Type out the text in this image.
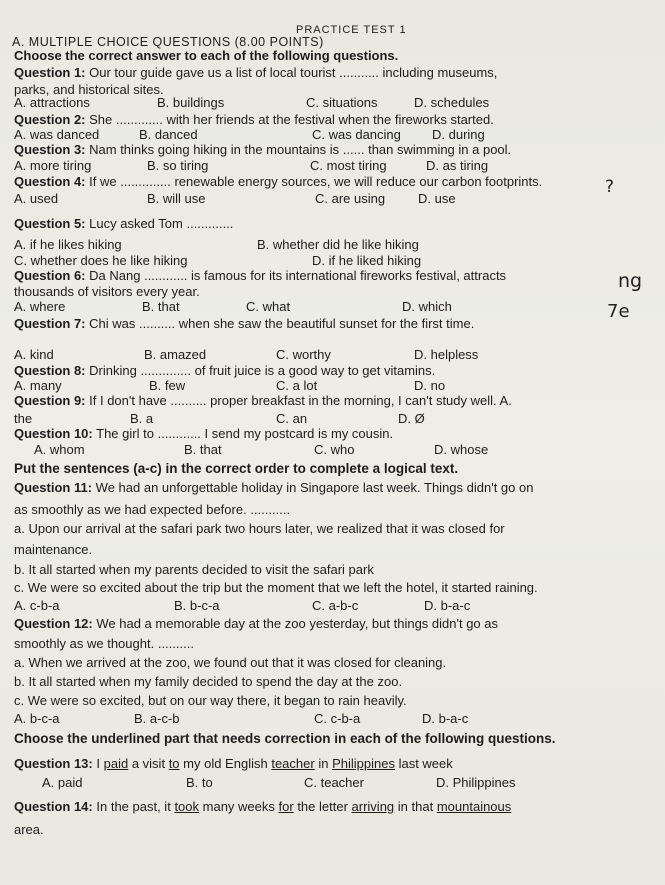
PRACTICE TEST 1
A. MULTIPLE CHOICE QUESTIONS (8.00 POINTS)
Choose the correct answer to each of the following questions.
Question 1: Our tour guide gave us a list of local tourist ........... including museums,
parks, and historical sites.
A. attractions	B. buildings	C. situations	D. schedules
Question 2: She ............. with her friends at the festival when the fireworks started.
A. was danced	B. danced	C. was dancing D. during
Question 3: Nam thinks going hiking in the mountains is ...... than swimming in a pool.
A. more tiring	B. so tiring	C. most tiring	D. as tiring
Question 4: If we .............. renewable energy sources, we will reduce our carbon footprints.
A. used	B. will use	C. are using	D. use
?
Question 5: Lucy asked Tom .............
A. if he likes hiking	B. whether did he like hiking
C. whether does he like hiking	D. if he liked hiking
Question 6: Da Nang ............ is famous for its international fireworks festival, attracts
thousands of visitors every year.
A. where	B. that	C. what	D. which
ng
7e
Question 7: Chi was .......... when she saw the beautiful sunset for the first time.
A. kind	B. amazed	C. worthy	D. helpless
Question 8: Drinking .............. of fruit juice is a good way to get vitamins.
A. many	B. few	C. a lot	D. no
Question 9: If I don't have .......... proper breakfast in the morning, I can't study well. A.
the	B. a	C. an	D. Ø
Question 10: The girl to ............ I send my postcard is my cousin.
A. whom	B. that	C. who	D. whose
Put the sentences (a-c) in the correct order to complete a logical text.
Question 11: We had an unforgettable holiday in Singapore last week. Things didn't go on
as smoothly as we had expected before. ...........
a. Upon our arrival at the safari park two hours later, we realized that it was closed for
maintenance.
b. It all started when my parents decided to visit the safari park
c. We were so excited about the trip but the moment that we left the hotel, it started raining.
A. c-b-a	B. b-c-a	C. a-b-c	D. b-a-c
Question 12: We had a memorable day at the zoo yesterday, but things didn't go as
smoothly as we thought. ..........
a. When we arrived at the zoo, we found out that it was closed for cleaning.
b. It all started when my family decided to spend the day at the zoo.
c. We were so excited, but on our way there, it began to rain heavily.
A. b-c-a	B. a-c-b	C. c-b-a	D. b-a-c
Choose the underlined part that needs correction in each of the following questions.
Question 13: I paid a visit to my old English teacher in Philippines last week
A. paid	B. to	C. teacher	D. Philippines
Question 14: In the past, it took many weeks for the letter arriving in that mountainous
area.
